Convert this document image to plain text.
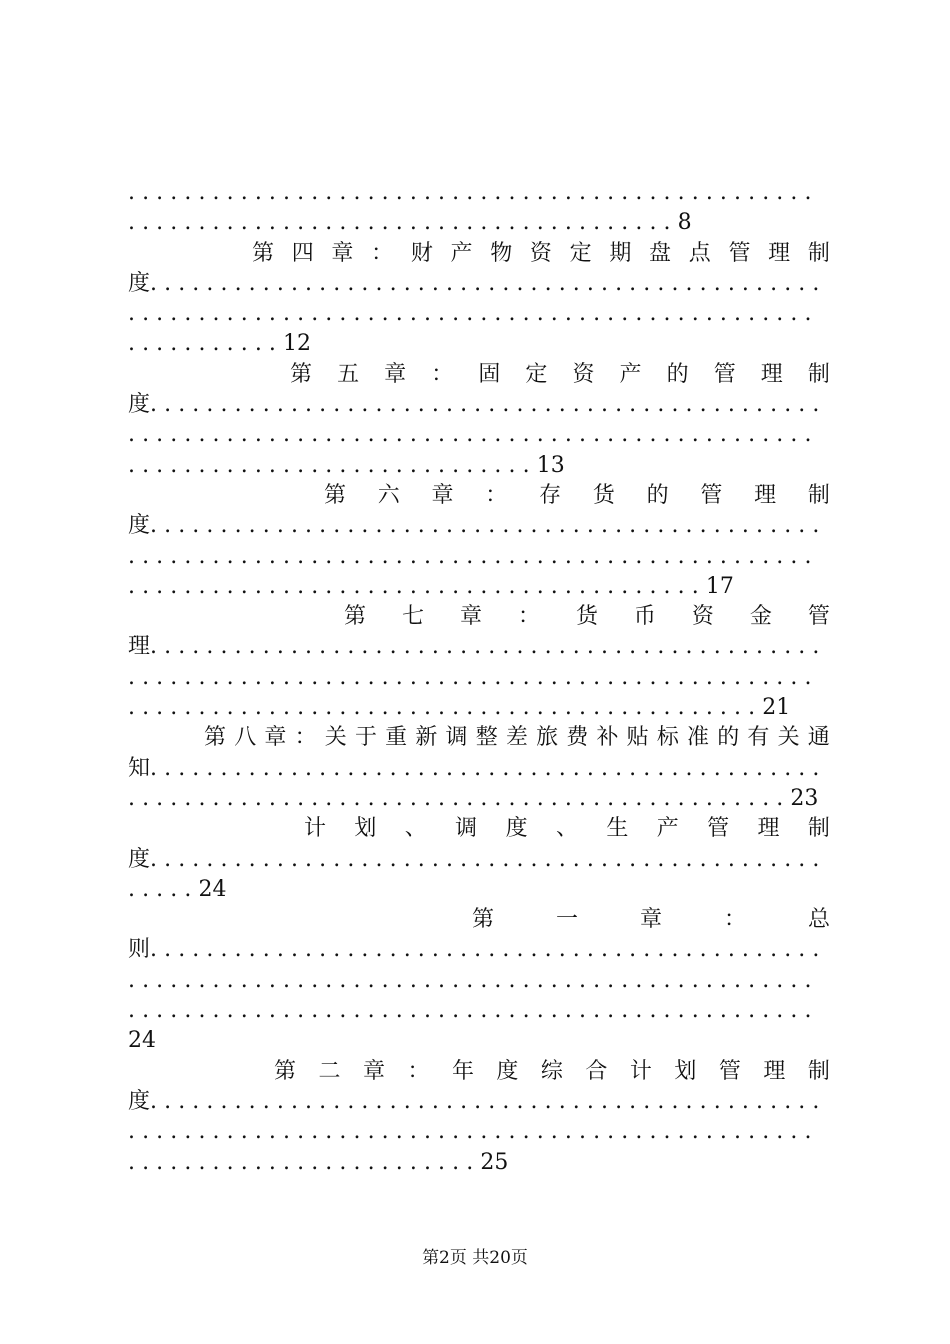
.................................................
.......................................8
第 四 章 ： 财 产 物 资 定 期 盘 点 管 理 制
度................................................
.................................................
...........12
第 五 章 ： 固 定 资 产 的 管 理 制
度................................................
.................................................
.............................13
第 六 章 ： 存 货 的 管 理 制
度................................................
.................................................
.........................................17
第 七 章 ： 货 币 资 金 管
理................................................
.................................................
.............................................21
第 八 章 ： 关 于 重 新 调 整 差 旅 费 补 贴 标 准 的 有 关 通
知................................................
...............................................23
计 划 、 调 度 、 生 产 管 理 制
度................................................
.....24
第	一	章	：	总
则................................................
.................................................
.................................................
24
第 二 章 ： 年 度 综 合 计 划 管 理 制
度................................................
.................................................
.........................25
第2页 共20页
